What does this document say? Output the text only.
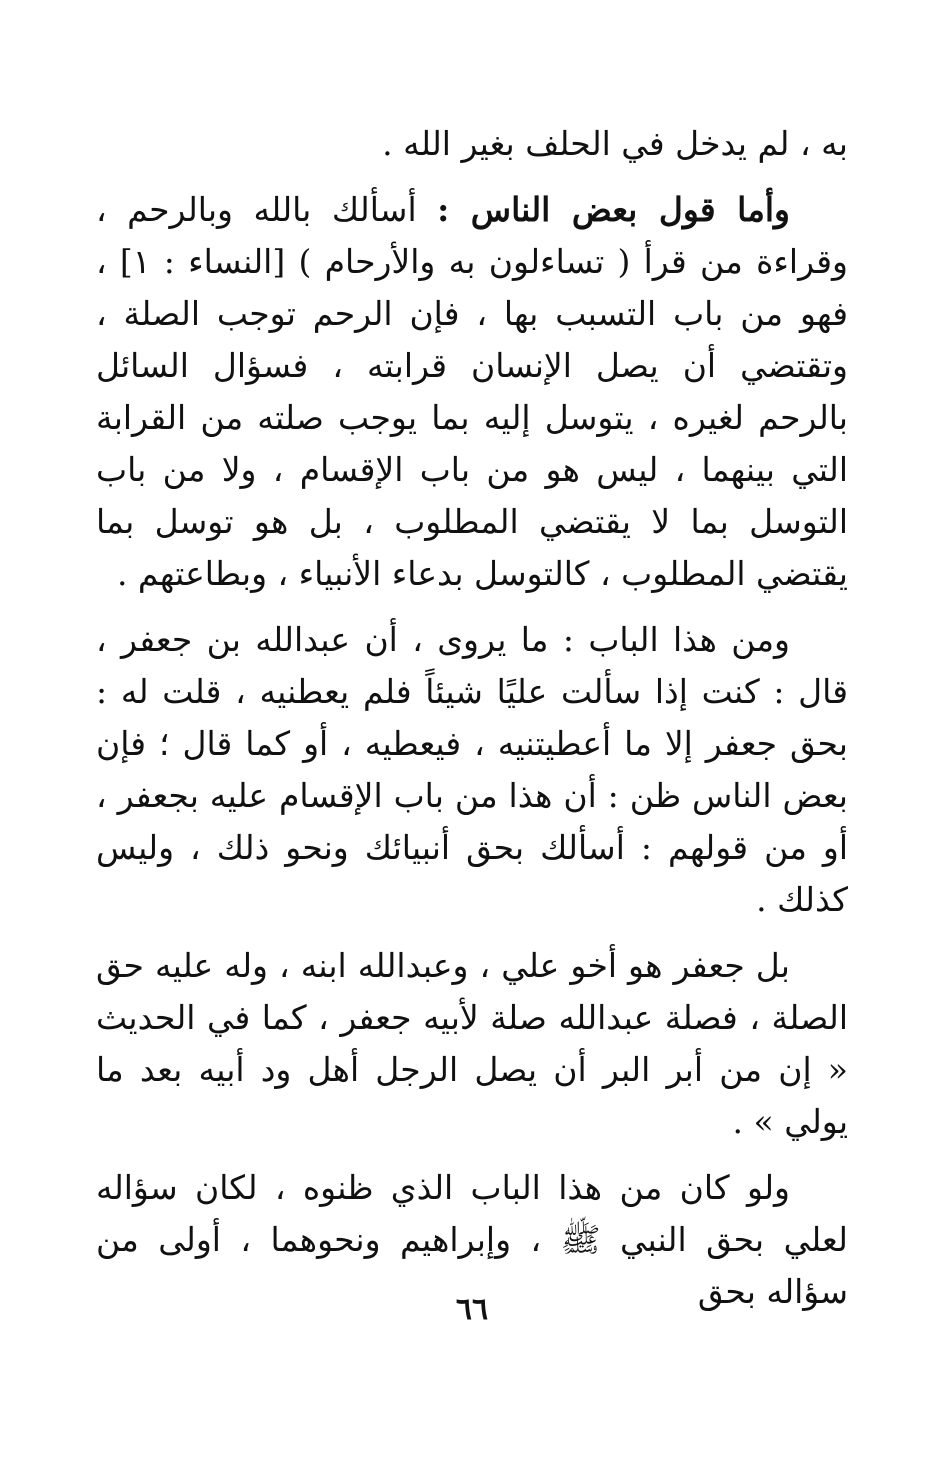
به ، لم يدخل في الحلف بغير الله .

وأما قول بعض الناس : أسألك بالله وبالرحم ، وقراءة من قرأ ( تساءلون به والأرحام ) [النساء : ١] ، فهو من باب التسبب بها ، فإن الرحم توجب الصلة ، وتقتضي أن يصل الإنسان قرابته ، فسؤال السائل بالرحم لغيره ، يتوسل إليه بما يوجب صلته من القرابة التي بينهما ، ليس هو من باب الإقسام ، ولا من باب التوسل بما لا يقتضي المطلوب ، بل هو توسل بما يقتضي المطلوب ، كالتوسل بدعاء الأنبياء ، وبطاعتهم .

ومن هذا الباب : ما يروى ، أن عبدالله بن جعفر ، قال : كنت إذا سألت عليًا شيئاً فلم يعطنيه ، قلت له : بحق جعفر إلا ما أعطيتنيه ، فيعطيه ، أو كما قال ؛ فإن بعض الناس ظن : أن هذا من باب الإقسام عليه بجعفر ، أو من قولهم : أسألك بحق أنبيائك ونحو ذلك ، وليس كذلك .

بل جعفر هو أخو علي ، وعبدالله ابنه ، وله عليه حق الصلة ، فصلة عبدالله صلة لأبيه جعفر ، كما في الحديث « إن من أبر البر أن يصل الرجل أهل ود أبيه بعد ما يولي » .

ولو كان من هذا الباب الذي ظنوه ، لكان سؤاله لعلي بحق النبي ﷺ ، وإبراهيم ونحوهما ، أولى من سؤاله بحق

٦٦
